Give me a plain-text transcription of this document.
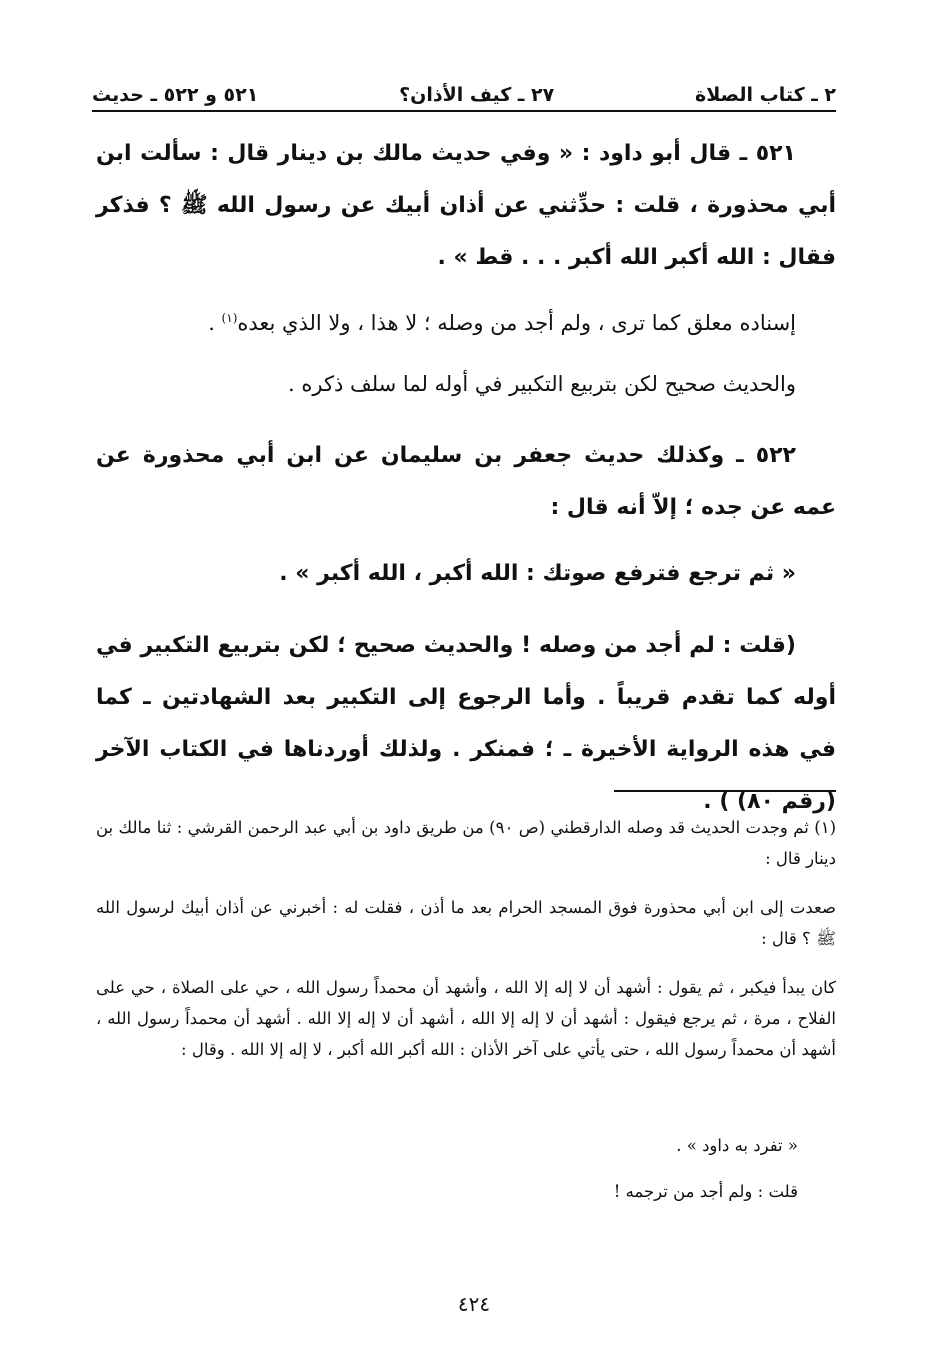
٢ ـ كتاب الصلاة
٢٧ ـ كيف الأذان؟
٥٢١ و ٥٢٢ ـ حديث
٥٢١ ـ قال أبو داود : « وفي حديث مالك بن دينار قال : سألت ابن أبي محذورة ، قلت : حدِّثني عن أذان أبيك عن رسول الله ﷺ ؟ فذكر فقال : الله أكبر الله أكبر . . . قط » .
إسناده معلق كما ترى ، ولم أجد من وصله ؛ لا هذا ، ولا الذي بعده$^{(١)}$ .
والحديث صحيح لكن بتربيع التكبير في أوله لما سلف ذكره .
٥٢٢ ـ وكذلك حديث جعفر بن سليمان عن ابن أبي محذورة عن عمه عن جده ؛ إلاّ أنه قال :
« ثم ترجع فترفع صوتك : الله أكبر ، الله أكبر » .
(قلت : لم أجد من وصله ! والحديث صحيح ؛ لكن بتربيع التكبير في أوله كما تقدم قريباً . وأما الرجوع إلى التكبير بعد الشهادتين ـ كما في هذه الرواية الأخيرة ـ ؛ فمنكر . ولذلك أوردناها في الكتاب الآخر (رقم ٨٠) ) .
(١) ثم وجدت الحديث قد وصله الدارقطني (ص ٩٠) من طريق داود بن أبي عبد الرحمن القرشي : ثنا مالك بن دينار قال :
صعدت إلى ابن أبي محذورة فوق المسجد الحرام بعد ما أذن ، فقلت له : أخبرني عن أذان أبيك لرسول الله ﷺ ؟ قال :
كان يبدأ فيكبر ، ثم يقول : أشهد أن لا إله إلا الله ، وأشهد أن محمداً رسول الله ، حي على الصلاة ، حي على الفلاح ، مرة ، ثم يرجع فيقول : أشهد أن لا إله إلا الله ، أشهد أن لا إله إلا الله . أشهد أن محمداً رسول الله ، أشهد أن محمداً رسول الله ، حتى يأتي على آخر الأذان : الله أكبر الله أكبر ، لا إله إلا الله . وقال :
« تفرد به داود » .
قلت : ولم أجد من ترجمه !
٤٢٤
